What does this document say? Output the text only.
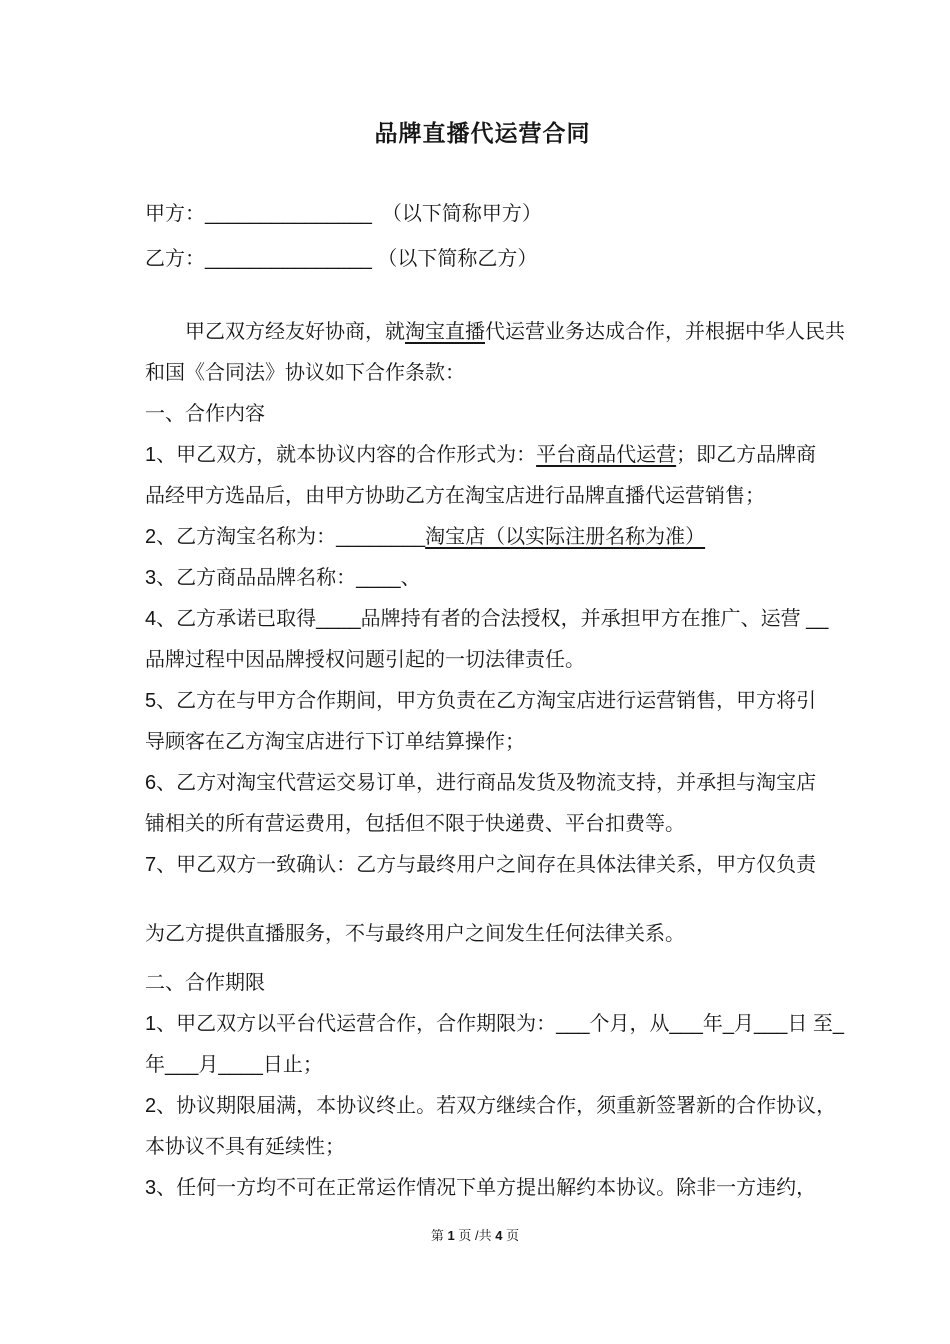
品牌直播代运营合同
甲方：_______________　（以下简称甲方）
乙方：_______________ （以下简称乙方）
甲乙双方经友好协商，就淘宝直播代运营业务达成合作，并根据中华人民共
和国《合同法》协议如下合作条款：
一、合作内容
1、甲乙双方，就本协议内容的合作形式为：平台商品代运营；即乙方品牌商
品经甲方选品后，由甲方协助乙方在淘宝店进行品牌直播代运营销售；
2、乙方淘宝名称为：________淘宝店（以实际注册名称为准）
3、乙方商品品牌名称：____、
4、乙方承诺已取得____品牌持有者的合法授权，并承担甲方在推广、运营 __
品牌过程中因品牌授权问题引起的一切法律责任。
5、乙方在与甲方合作期间，甲方负责在乙方淘宝店进行运营销售，甲方将引
导顾客在乙方淘宝店进行下订单结算操作；
6、乙方对淘宝代营运交易订单，进行商品发货及物流支持，并承担与淘宝店
铺相关的所有营运费用，包括但不限于快递费、平台扣费等。
7、甲乙双方一致确认：乙方与最终用户之间存在具体法律关系，甲方仅负责
为乙方提供直播服务，不与最终用户之间发生任何法律关系。
二、合作期限
1、甲乙双方以平台代运营合作，合作期限为：___个月，从___年_月___日 至_
年___月____日止；
2、协议期限届满，本协议终止。若双方继续合作，须重新签署新的合作协议，
本协议不具有延续性；
3、任何一方均不可在正常运作情况下单方提出解约本协议。除非一方违约，
第 1 页 /共 4 页
